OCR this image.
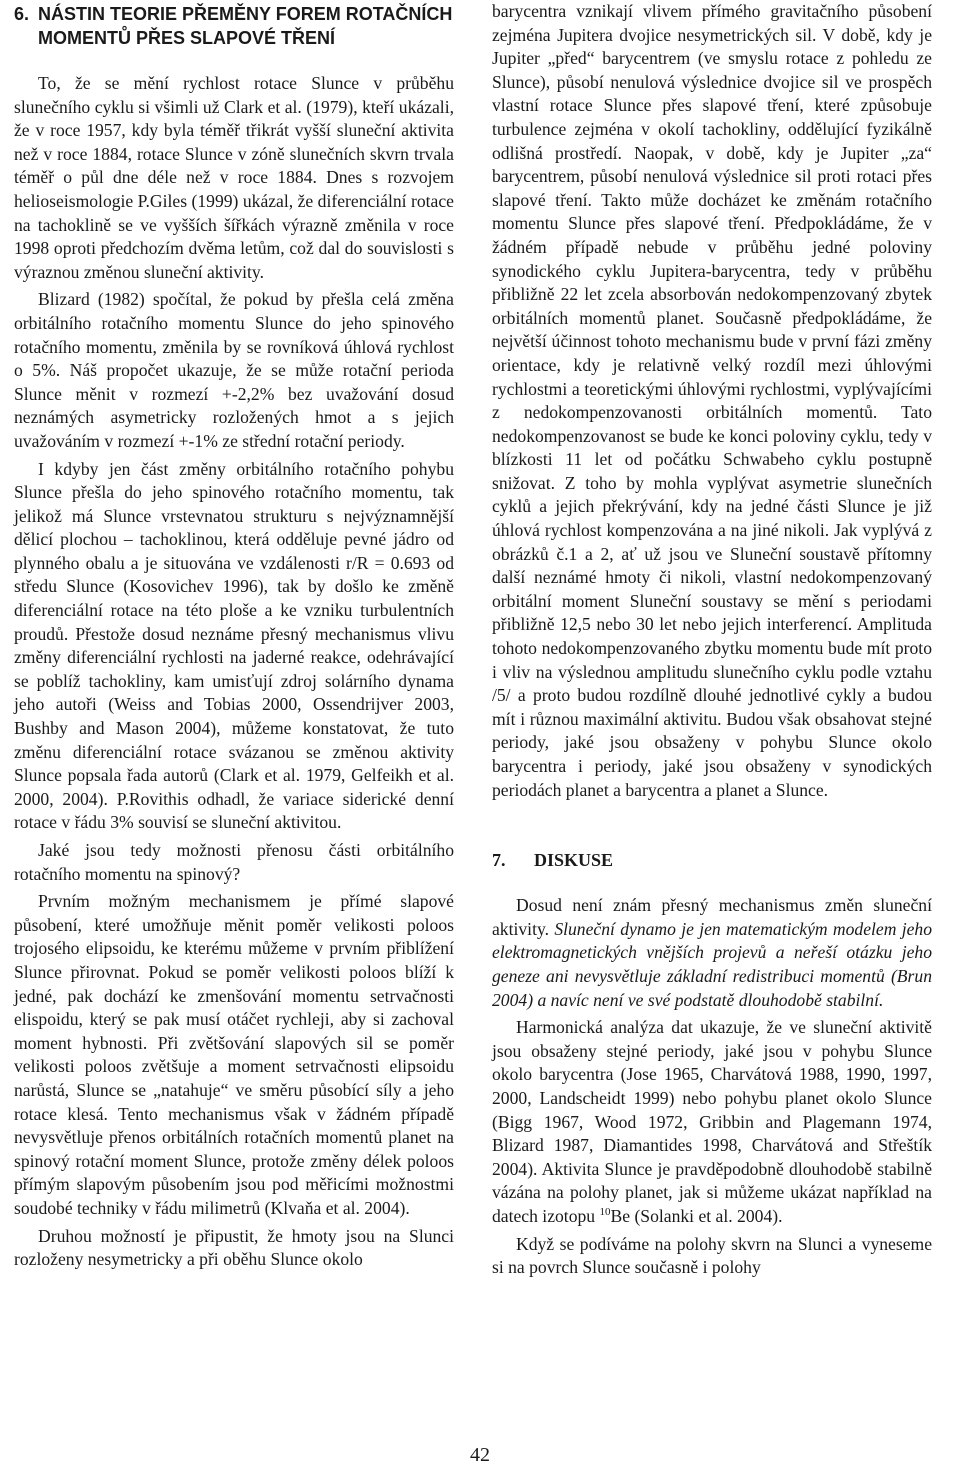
6. NÁSTIN TEORIE PŘEMĚNY FOREM ROTAČNÍCH MOMENTŮ PŘES SLAPOVÉ TŘENÍ

To, že se mění rychlost rotace Slunce v průběhu slunečního cyklu si všimli už Clark et al. (1979), kteří ukázali, že v roce 1957, kdy byla téměř třikrát vyšší sluneční aktivita než v roce 1884, rotace Slunce v zóně slunečních skvrn trvala téměř o půl dne déle než v roce 1884. Dnes s rozvojem helioseismologie P.Giles (1999) ukázal, že diferenciální rotace na tachoklině se ve vyšších šířkách výrazně změnila v roce 1998 oproti předchozím dvěma letům, což dal do souvislosti s výraznou změnou sluneční aktivity.

Blizard (1982) spočítal, že pokud by přešla celá změna orbitálního rotačního momentu Slunce do jeho spinového rotačního momentu, změnila by se rovníková úhlová rychlost o 5%. Náš propočet ukazuje, že se může rotační perioda Slunce měnit v rozmezí +-2,2% bez uvažování dosud neznámých asymetricky rozložených hmot a s jejich uvažováním v rozmezí +-1% ze střední rotační periody.

I kdyby jen část změny orbitálního rotačního pohybu Slunce přešla do jeho spinového rotačního momentu, tak jelikož má Slunce vrstevnatou strukturu s nejvýznamnější dělicí plochou – tachoklinou, která odděluje pevné jádro od plynného obalu a je situována ve vzdálenosti r/R = 0.693 od středu Slunce (Kosovichev 1996), tak by došlo ke změně diferenciální rotace na této ploše a ke vzniku turbulentních proudů. Přestože dosud neznáme přesný mechanismus vlivu změny diferenciální rychlosti na jaderné reakce, odehrávající se poblíž tachokliny, kam umisťují zdroj solárního dynama jeho autoři (Weiss and Tobias 2000, Ossendrijver 2003, Bushby and Mason 2004), můžeme konstatovat, že tuto změnu diferenciální rotace svázanou se změnou aktivity Slunce popsala řada autorů (Clark et al. 1979, Gelfeikh et al. 2000, 2004). P.Rovithis odhadl, že variace siderické denní rotace v řádu 3% souvisí se sluneční aktivitou.

Jaké jsou tedy možnosti přenosu části orbitálního rotačního momentu na spinový?

Prvním možným mechanismem je přímé slapové působení, které umožňuje měnit poměr velikosti poloos trojosého elipsoidu, ke kterému můžeme v prvním přiblížení Slunce přirovnat. Pokud se poměr velikosti poloos blíží k jedné, pak dochází ke zmenšování momentu setrvačnosti elispoidu, který se pak musí otáčet rychleji, aby si zachoval moment hybnosti. Při zvětšování slapových sil se poměr velikosti poloos zvětšuje a moment setrvačnosti elipsoidu narůstá, Slunce se „natahuje“ ve směru působící síly a jeho rotace klesá. Tento mechanismus však v žádném případě nevysvětluje přenos orbitálních rotačních momentů planet na spinový rotační moment Slunce, protože změny délek poloos přímým slapovým působením jsou pod měřicími možnostmi soudobé techniky v řádu milimetrů (Klvaňa et al. 2004).

Druhou možností je připustit, že hmoty jsou na Slunci rozloženy nesymetricky a při oběhu Slunce okolo

barycentra vznikají vlivem přímého gravitačního působení zejména Jupitera dvojice nesymetrických sil. V době, kdy je Jupiter „před“ barycentrem (ve smyslu rotace z pohledu ze Slunce), působí nenulová výslednice dvojice sil ve prospěch vlastní rotace Slunce přes slapové tření, které způsobuje turbulence zejména v okolí tachokliny, oddělující fyzikálně odlišná prostředí. Naopak, v době, kdy je Jupiter „za“ barycentrem, působí nenulová výslednice sil proti rotaci přes slapové tření. Takto může docházet ke změnám rotačního momentu Slunce přes slapové tření. Předpokládáme, že v žádném případě nebude v průběhu jedné poloviny synodického cyklu Jupitera-barycentra, tedy v průběhu přibližně 22 let zcela absorbován nedokompenzovaný zbytek orbitálních momentů planet. Současně předpokládáme, že největší účinnost tohoto mechanismu bude v první fázi změny orientace, kdy je relativně velký rozdíl mezi úhlovými rychlostmi a teoretickými úhlovými rychlostmi, vyplývajícími z nedokompenzovanosti orbitálních momentů. Tato nedokompenzovanost se bude ke konci poloviny cyklu, tedy v blízkosti 11 let od počátku Schwabeho cyklu postupně snižovat. Z toho by mohla vyplývat asymetrie slunečních cyklů a jejich překrývání, kdy na jedné části Slunce je již úhlová rychlost kompenzována a na jiné nikoli. Jak vyplývá z obrázků č.1 a 2, ať už jsou ve Sluneční soustavě přítomny další neznámé hmoty či nikoli, vlastní nedokompenzovaný orbitální moment Sluneční soustavy se mění s periodami přibližně 12,5 nebo 30 let nebo jejich interferencí. Amplituda tohoto nedokompenzovaného zbytku momentu bude mít proto i vliv na výslednou amplitudu slunečního cyklu podle vztahu /5/ a proto budou rozdílně dlouhé jednotlivé cykly a budou mít i různou maximální aktivitu. Budou však obsahovat stejné periody, jaké jsou obsaženy v pohybu Slunce okolo barycentra i periody, jaké jsou obsaženy v synodických periodách planet a barycentra a planet a Slunce.

7.	DISKUSE

Dosud není znám přesný mechanismus změn sluneční aktivity. Sluneční dynamo je jen matematickým modelem jeho elektromagnetických vnějších projevů a neřeší otázku jeho geneze ani nevysvětluje základní redistribuci momentů (Brun 2004) a navíc není ve své podstatě dlouhodobě stabilní.

Harmonická analýza dat ukazuje, že ve sluneční aktivitě jsou obsaženy stejné periody, jaké jsou v pohybu Slunce okolo barycentra (Jose 1965, Charvátová 1988, 1990, 1997, 2000, Landscheidt 1999) nebo pohybu planet okolo Slunce (Bigg 1967, Wood 1972, Gribbin and Plagemann 1974, Blizard 1987, Diamantides 1998, Charvátová and Střeštík 2004). Aktivita Slunce je pravděpodobně dlouhodobě stabilně vázána na polohy planet, jak si můžeme ukázat například na datech izotopu $^{10}$Be (Solanki et al. 2004).

Když se podíváme na polohy skvrn na Slunci a vyneseme si na povrch Slunce současně i polohy

42
